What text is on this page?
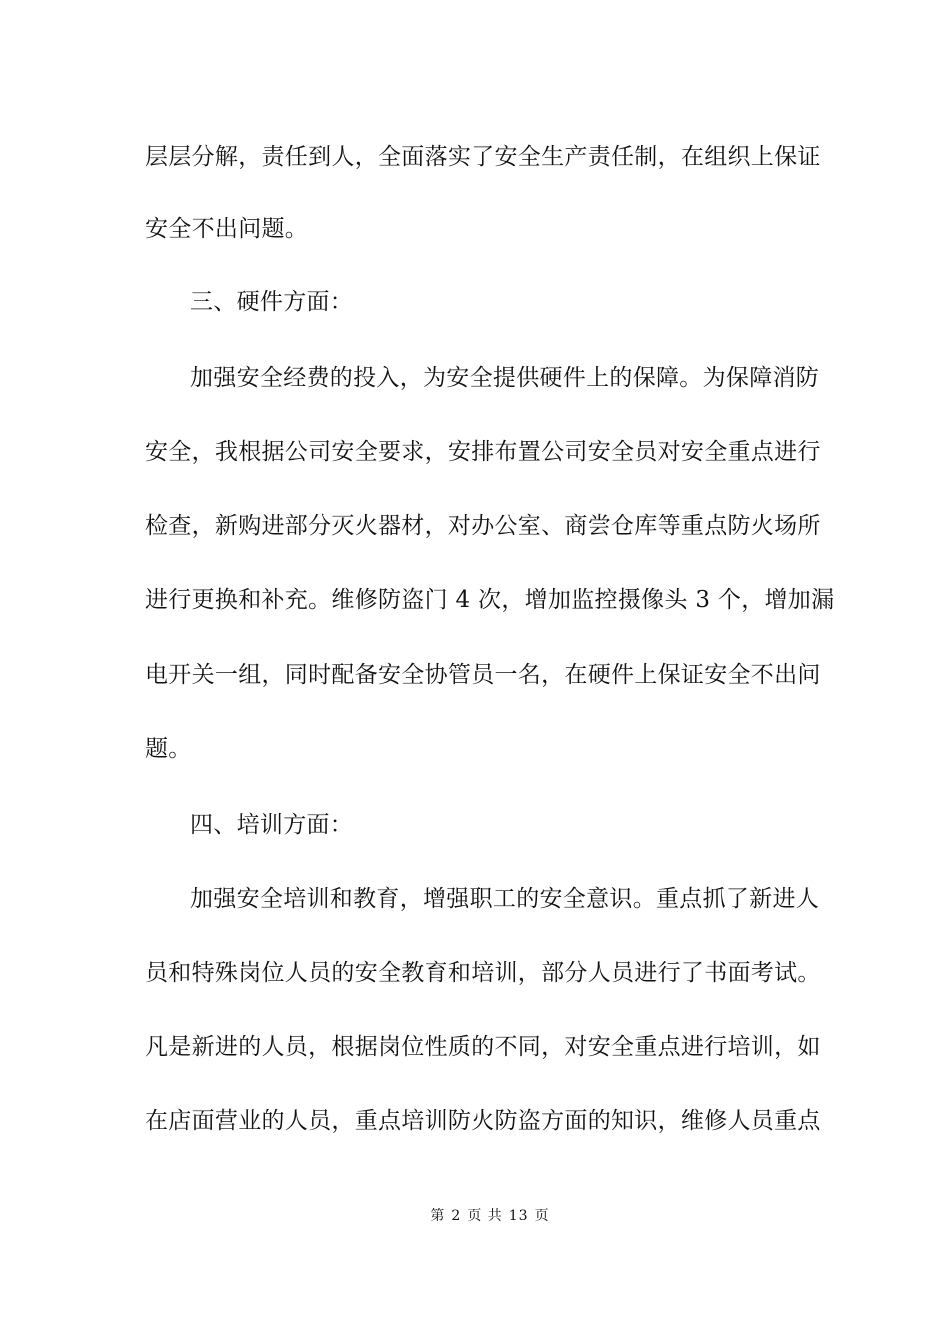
层层分解，责任到人，全面落实了安全生产责任制，在组织上保证
安全不出问题。
三、硬件方面：
加强安全经费的投入，为安全提供硬件上的保障。为保障消防
安全，我根据公司安全要求，安排布置公司安全员对安全重点进行
检查，新购进部分灭火器材，对办公室、商尝仓库等重点防火场所
进行更换和补充。维修防盗门 4 次，增加监控摄像头 3 个，增加漏
电开关一组，同时配备安全协管员一名，在硬件上保证安全不出问
题。
四、培训方面：
加强安全培训和教育，增强职工的安全意识。重点抓了新进人
员和特殊岗位人员的安全教育和培训，部分人员进行了书面考试。
凡是新进的人员，根据岗位性质的不同，对安全重点进行培训，如
在店面营业的人员，重点培训防火防盗方面的知识，维修人员重点
第 2 页 共 13 页
